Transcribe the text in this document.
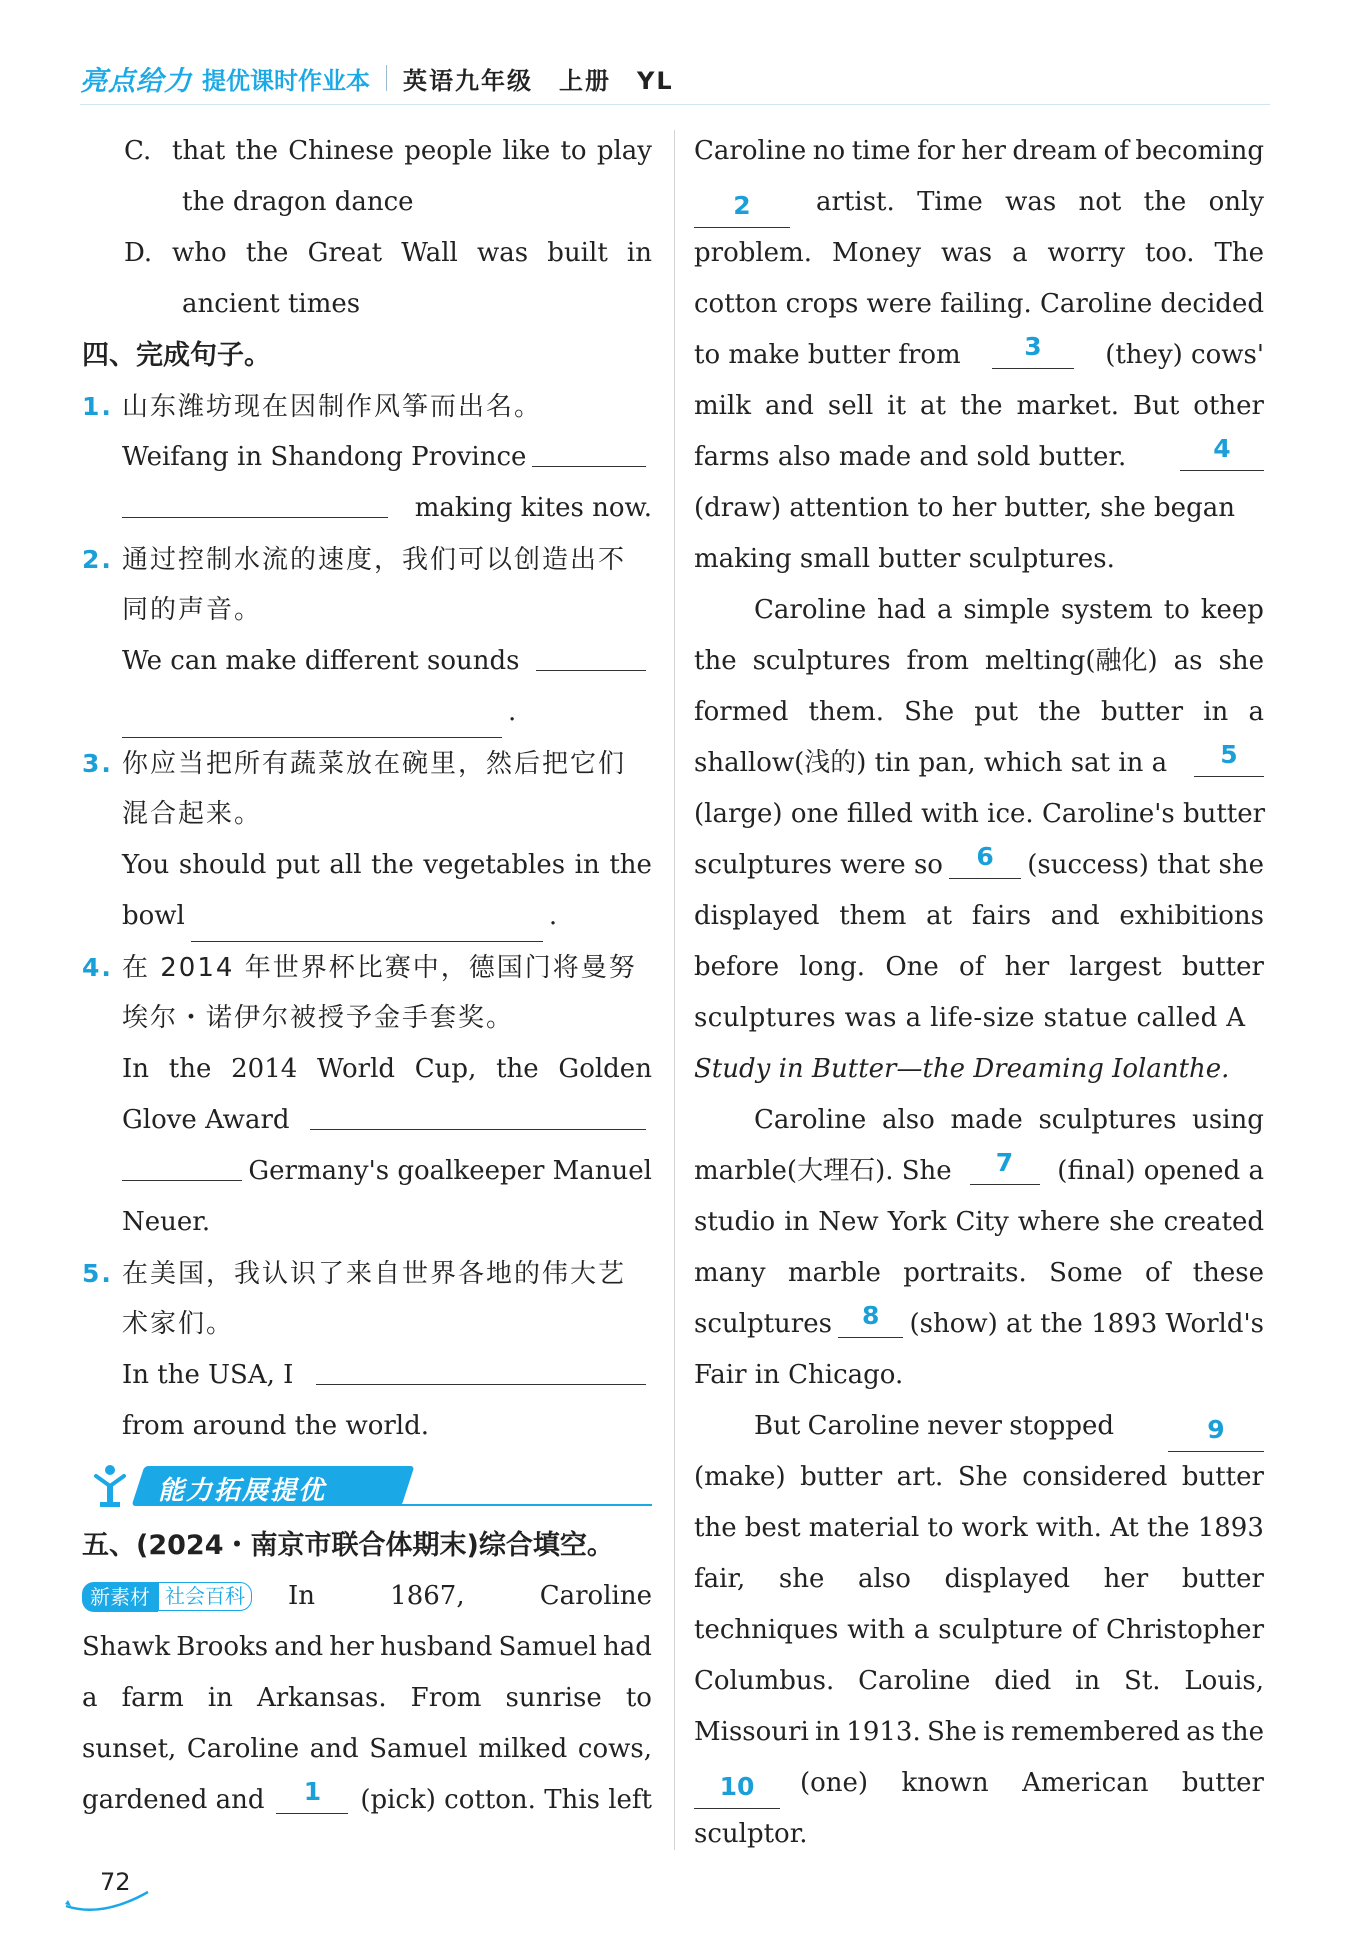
亮点给力 提优课时作业本 英语九年级　上册　YL
C. that the Chinese people like to play
the dragon dance
D. who the Great Wall was built in
ancient times
四、完成句子。
1. 山东潍坊现在因制作风筝而出名。
Weifang in Shandong Province
making kites now.
2. 通过控制水流的速度，我们可以创造出不
同的声音。
We can make different sounds
.
3. 你应当把所有蔬菜放在碗里，然后把它们
混合起来。
You should put all the vegetables in the
bowl	.
4. 在 2014 年世界杯比赛中，德国门将曼努
埃尔・诺伊尔被授予金手套奖。
In the 2014 World Cup, the Golden
Glove Award
Germany's goalkeeper Manuel
Neuer.
5. 在美国，我认识了来自世界各地的伟大艺
术家们。
In the USA, I
from around the world.
能力拓展提优
五、(2024・南京市联合体期末)综合填空。
新素材 社会百科 In	1867,	Caroline
Shawk Brooks and her husband Samuel had
a farm in Arkansas. From sunrise to
sunset, Caroline and Samuel milked cows,
gardened and	1	(pick) cotton. This left
Caroline no time for her dream of becoming
2	artist. Time was not the only
problem. Money was a worry too. The
cotton crops were failing. Caroline decided
to make butter from	3	(they) cows'
milk and sell it at the market. But other
farms also made and sold butter.	4
(draw) attention to her butter, she began
making small butter sculptures.
Caroline had a simple system to keep
the sculptures from melting(融化) as she
formed them. She put the butter in a
shallow(浅的) tin pan, which sat in a	5
(large) one filled with ice. Caroline's butter
sculptures were so	6	(success) that she
displayed them at fairs and exhibitions
before long. One of her largest butter
sculptures was a life-size statue called A
Study in Butter—the Dreaming Iolanthe.
Caroline also made sculptures using
marble(大理石). She	7	(final) opened a
studio in New York City where she created
many marble portraits. Some of these
sculptures	8	(show) at the 1893 World's
Fair in Chicago.
But Caroline never stopped	9
(make) butter art. She considered butter
the best material to work with. At the 1893
fair, she also displayed her butter
techniques with a sculpture of Christopher
Columbus. Caroline died in St. Louis,
Missouri in 1913. She is remembered as the
10	(one) known American butter
sculptor.
72
